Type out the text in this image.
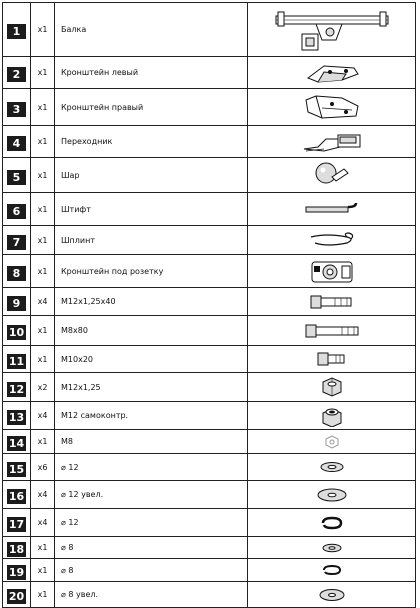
1	x1	Балка	

2	x1	Кронштейн левый	

3	x1	Кронштейн правый	

4	x1	Переходник	

5	x1	Шар	

6	x1	Штифт	

7	x1	Шплинт	

8	x1	Кронштейн под розетку	

9	x4	M12x1,25x40	

10	x1	M8x80	

11	x1	M10x20	

12	x2	M12x1,25	

13	x4	M12 самоконтр.	

14	x1	M8	

15	x6	⌀ 12	

16	x4	⌀ 12 увел.	

17	x4	⌀ 12	

18	x1	⌀ 8	

19	x1	⌀ 8	

20	x1	⌀ 8 увел.	
